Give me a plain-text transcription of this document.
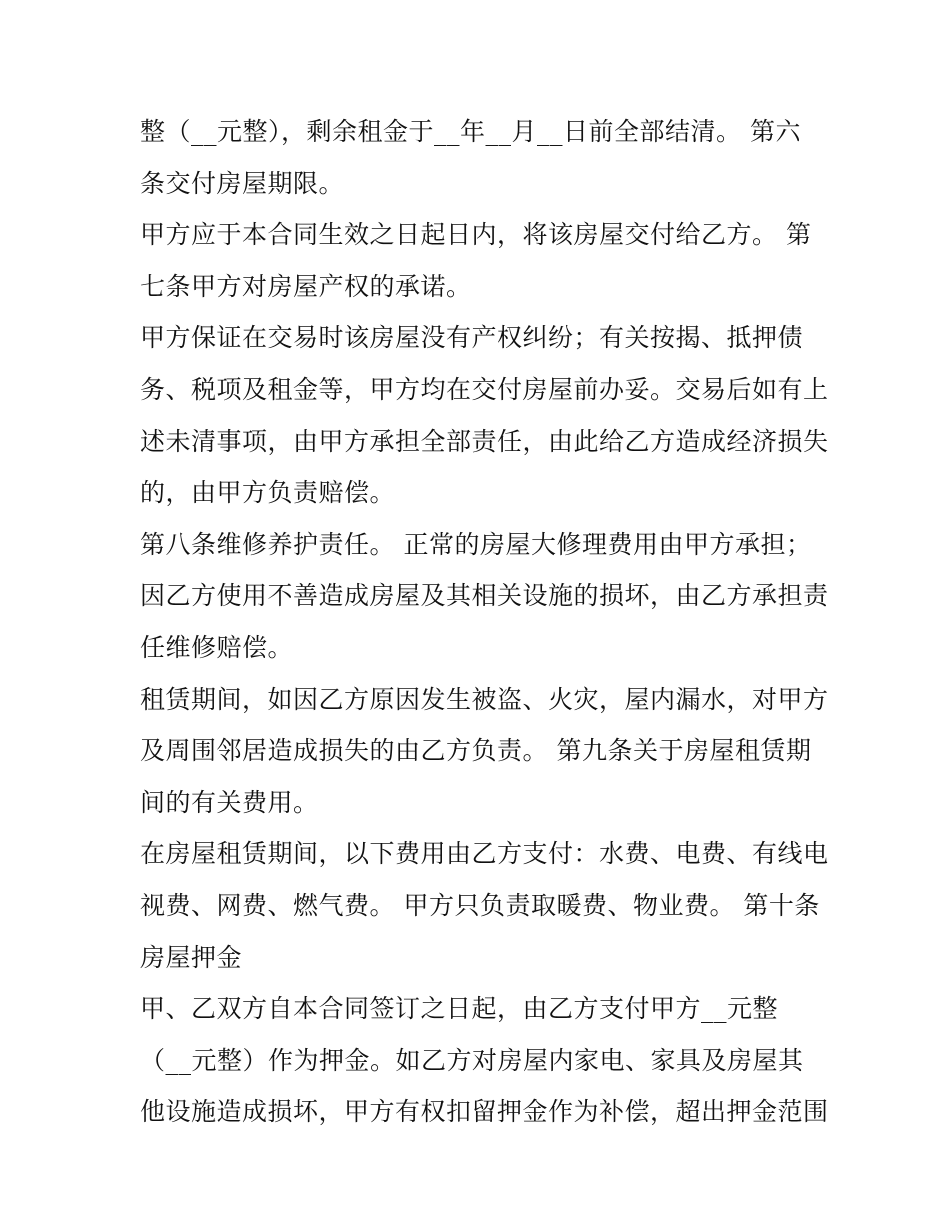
整（__元整），剩余租金于__年__月__日前全部结清。 第六
条交付房屋期限。
甲方应于本合同生效之日起日内，将该房屋交付给乙方。 第
七条甲方对房屋产权的承诺。
甲方保证在交易时该房屋没有产权纠纷；有关按揭、抵押债
务、税项及租金等，甲方均在交付房屋前办妥。交易后如有上
述未清事项，由甲方承担全部责任，由此给乙方造成经济损失
的，由甲方负责赔偿。
第八条维修养护责任。 正常的房屋大修理费用由甲方承担；
因乙方使用不善造成房屋及其相关设施的损坏，由乙方承担责
任维修赔偿。
租赁期间，如因乙方原因发生被盗、火灾，屋内漏水，对甲方
及周围邻居造成损失的由乙方负责。 第九条关于房屋租赁期
间的有关费用。
在房屋租赁期间，以下费用由乙方支付：水费、电费、有线电
视费、网费、燃气费。 甲方只负责取暖费、物业费。 第十条
房屋押金
甲、乙双方自本合同签订之日起，由乙方支付甲方__元整
（__元整）作为押金。如乙方对房屋内家电、家具及房屋其
他设施造成损坏，甲方有权扣留押金作为补偿，超出押金范围
